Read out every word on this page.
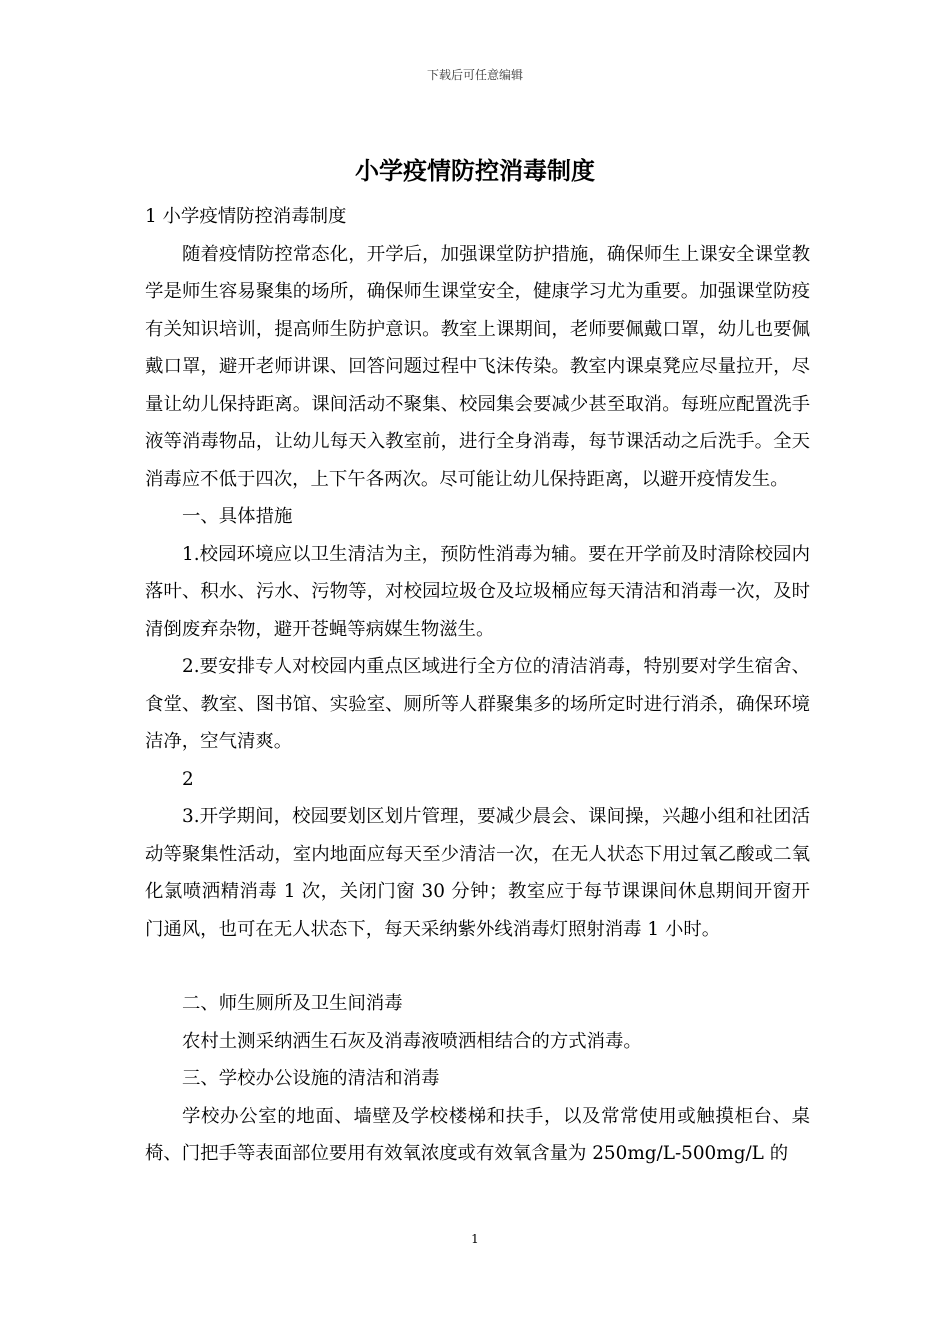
下载后可任意编辑
小学疫情防控消毒制度

1 小学疫情防控消毒制度

随着疫情防控常态化，开学后，加强课堂防护措施，确保师生上课安全课堂教学是师生容易聚集的场所，确保师生课堂安全，健康学习尤为重要。加强课堂防疫有关知识培训，提高师生防护意识。教室上课期间，老师要佩戴口罩，幼儿也要佩戴口罩，避开老师讲课、回答问题过程中飞沫传染。教室内课桌凳应尽量拉开，尽量让幼儿保持距离。课间活动不聚集、校园集会要减少甚至取消。每班应配置洗手液等消毒物品，让幼儿每天入教室前，进行全身消毒，每节课活动之后洗手。全天消毒应不低于四次，上下午各两次。尽可能让幼儿保持距离，以避开疫情发生。

一、具体措施

1.校园环境应以卫生清洁为主，预防性消毒为辅。要在开学前及时清除校园内落叶、积水、污水、污物等，对校园垃圾仓及垃圾桶应每天清洁和消毒一次，及时清倒废弃杂物，避开苍蝇等病媒生物滋生。

2.要安排专人对校园内重点区域进行全方位的清洁消毒，特别要对学生宿舍、食堂、教室、图书馆、实验室、厕所等人群聚集多的场所定时进行消杀，确保环境洁净，空气清爽。

2

3.开学期间，校园要划区划片管理，要减少晨会、课间操，兴趣小组和社团活动等聚集性活动，室内地面应每天至少清洁一次，在无人状态下用过氧乙酸或二氧化氯喷洒精消毒 1 次，关闭门窗 30 分钟；教室应于每节课课间休息期间开窗开门通风，也可在无人状态下，每天采纳紫外线消毒灯照射消毒 1 小时。

二、师生厕所及卫生间消毒

农村土测采纳洒生石灰及消毒液喷洒相结合的方式消毒。

三、学校办公设施的清洁和消毒

学校办公室的地面、墙壁及学校楼梯和扶手，以及常常使用或触摸柜台、桌椅、门把手等表面部位要用有效氧浓度或有效氧含量为 250mg/L-500mg/L 的

1
